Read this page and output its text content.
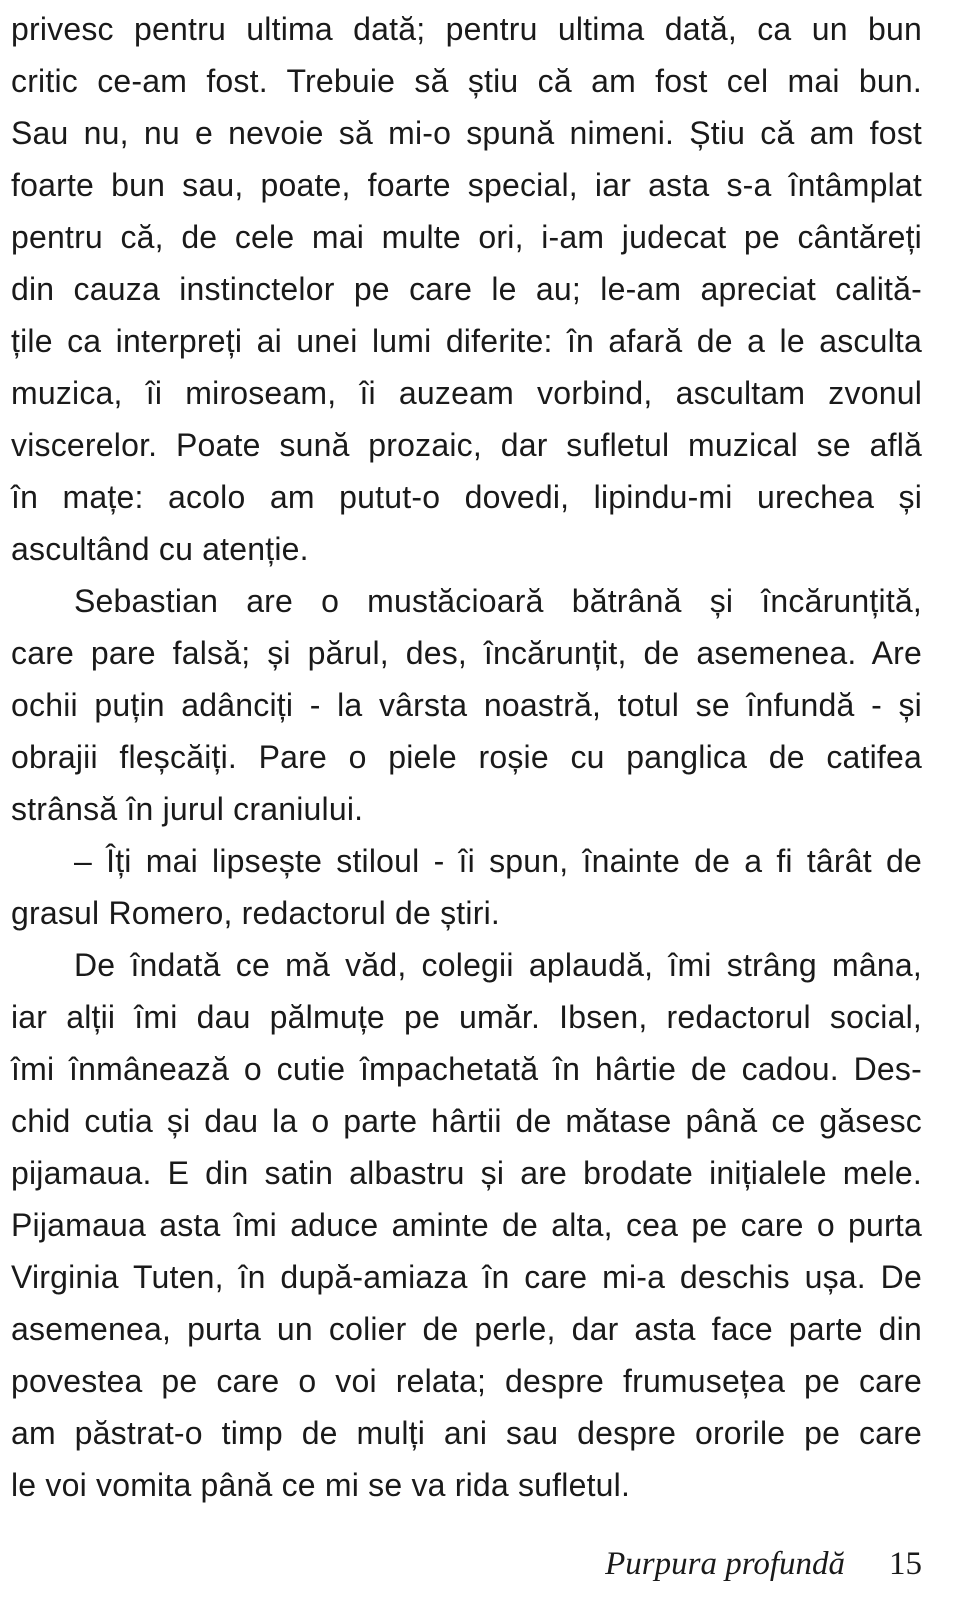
privesc pentru ultima dată; pentru ultima dată, ca un bun
critic ce-am fost. Trebuie să știu că am fost cel mai bun.
Sau nu, nu e nevoie să mi-o spună nimeni. Știu că am fost
foarte bun sau, poate, foarte special, iar asta s-a întâmplat
pentru că, de cele mai multe ori, i-am judecat pe cântăreți
din cauza instinctelor pe care le au; le-am apreciat calită-
țile ca interpreți ai unei lumi diferite: în afară de a le asculta
muzica, îi miroseam, îi auzeam vorbind, ascultam zvonul
viscerelor. Poate sună prozaic, dar sufletul muzical se află
în mațe: acolo am putut-o dovedi, lipindu-mi urechea și
ascultând cu atenție.
Sebastian are o mustăcioară bătrână și încărunțită,
care pare falsă; și părul, des, încărunțit, de asemenea. Are
ochii puțin adânciți - la vârsta noastră, totul se înfundă - și
obrajii fleșcăiți. Pare o piele roșie cu panglica de catifea
strânsă în jurul craniului.
– Îți mai lipsește stiloul - îi spun, înainte de a fi târât de
grasul Romero, redactorul de știri.
De îndată ce mă văd, colegii aplaudă, îmi strâng mâna,
iar alții îmi dau pălmuțe pe umăr. Ibsen, redactorul social,
îmi înmânează o cutie împachetată în hârtie de cadou. Des-
chid cutia și dau la o parte hârtii de mătase până ce găsesc
pijamaua. E din satin albastru și are brodate inițialele mele.
Pijamaua asta îmi aduce aminte de alta, cea pe care o purta
Virginia Tuten, în după-amiaza în care mi-a deschis ușa. De
asemenea, purta un colier de perle, dar asta face parte din
povestea pe care o voi relata; despre frumusețea pe care
am păstrat-o timp de mulți ani sau despre ororile pe care
le voi vomita până ce mi se va rida sufletul.
Purpura profundă 15
